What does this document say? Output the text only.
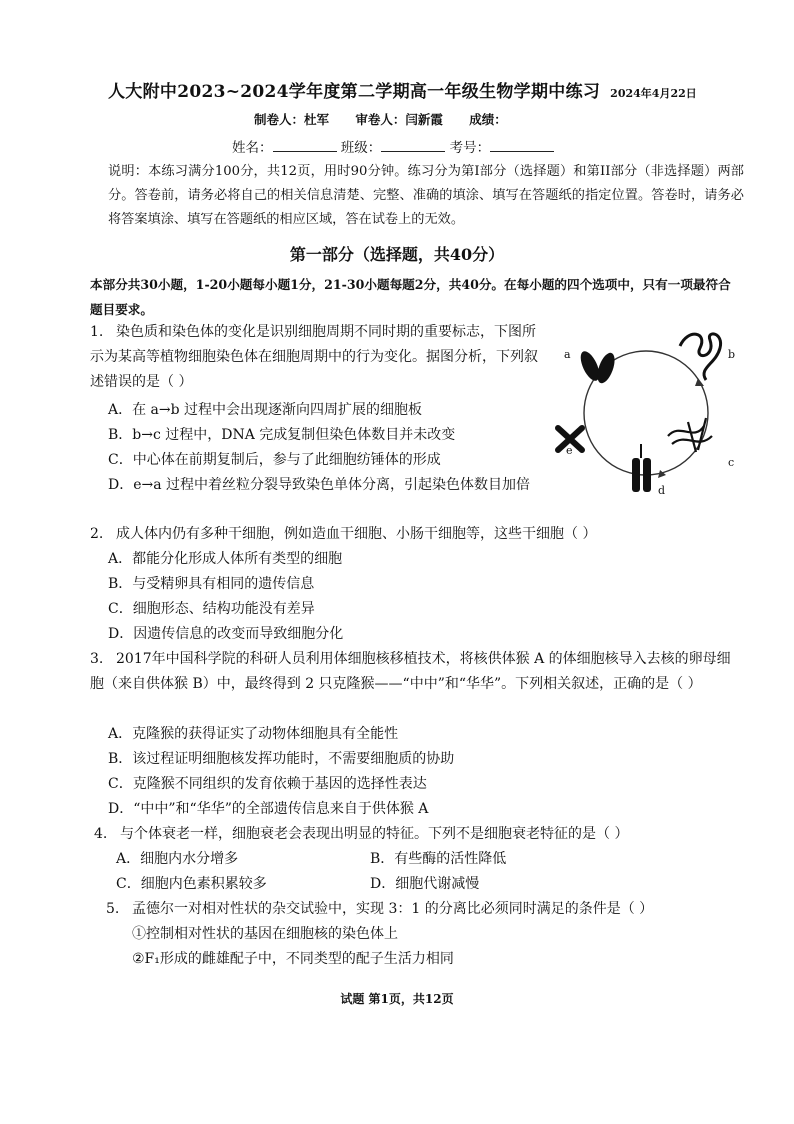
人大附中2023~2024学年度第二学期高一年级生物学期中练习 2024年4月22日
制卷人：杜军 审卷人：闫新霞 成绩：
姓名：	班级：	考号：
说明：本练习满分100分，共12页，用时90分钟。练习分为第I部分（选择题）和第II部分（非选择题）两部分。答卷前，请务必将自己的相关信息清楚、完整、准确的填涂、填写在答题纸的指定位置。答卷时，请务必将答案填涂、填写在答题纸的相应区域，答在试卷上的无效。
第一部分（选择题，共40分）
本部分共30小题，1-20小题每小题1分，21-30小题每题2分，共40分。在每小题的四个选项中，只有一项最符合题目要求。
1. 染色质和染色体的变化是识别细胞周期不同时期的重要标志，下图所示为某高等植物细胞染色体在细胞周期中的行为变化。据图分析，下列叙述错误的是（ ）
A．在 a→b 过程中会出现逐渐向四周扩展的细胞板
B．b→c 过程中，DNA 完成复制但染色体数目并未改变
C．中心体在前期复制后，参与了此细胞纺锤体的形成
D．e→a 过程中着丝粒分裂导致染色单体分离，引起染色体数目加倍
a	b
c
d
e
2. 成人体内仍有多种干细胞，例如造血干细胞、小肠干细胞等，这些干细胞（ ）
A．都能分化形成人体所有类型的细胞
B．与受精卵具有相同的遗传信息
C．细胞形态、结构功能没有差异
D．因遗传信息的改变而导致细胞分化
3. 2017年中国科学院的科研人员利用体细胞核移植技术，将核供体猴 A 的体细胞核导入去核的卵母细胞（来自供体猴 B）中，最终得到 2 只克隆猴——“中中”和“华华”。下列相关叙述，正确的是（ ）
A．克隆猴的获得证实了动物体细胞具有全能性
B．该过程证明细胞核发挥功能时，不需要细胞质的协助
C．克隆猴不同组织的发育依赖于基因的选择性表达
D．“中中”和“华华”的全部遗传信息来自于供体猴 A
4. 与个体衰老一样，细胞衰老会表现出明显的特征。下列不是细胞衰老特征的是（ ）
A．细胞内水分增多	B．有些酶的活性降低
C．细胞内色素积累较多	D．细胞代谢减慢
5. 孟德尔一对相对性状的杂交试验中，实现 3：1 的分离比必须同时满足的条件是（ ）
①控制相对性状的基因在细胞核的染色体上
②F₁形成的雌雄配子中，不同类型的配子生活力相同
试题 第1页，共12页
